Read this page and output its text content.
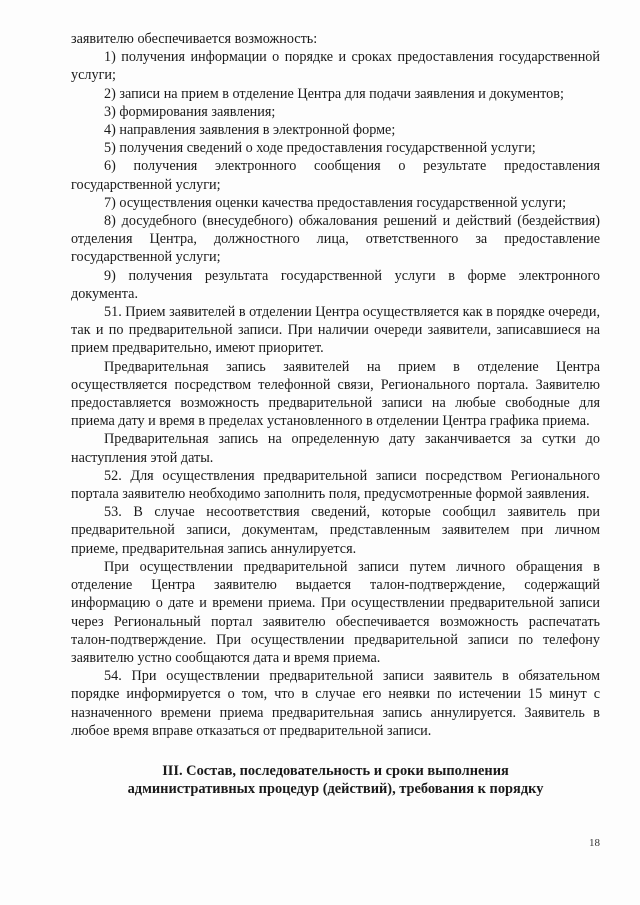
заявителю обеспечивается возможность:

1) получения информации о порядке и сроках предоставления государственной услуги;

2) записи на прием в отделение Центра для подачи заявления и документов;

3) формирования заявления;

4) направления заявления в электронной форме;

5) получения сведений о ходе предоставления государственной услуги;

6) получения электронного сообщения о результате предоставления государственной услуги;

7) осуществления оценки качества предоставления государственной услуги;

8) досудебного (внесудебного) обжалования решений и действий (бездействия) отделения Центра, должностного лица, ответственного за предоставление государственной услуги;

9) получения результата государственной услуги в форме электронного документа.

51. Прием заявителей в отделении Центра осуществляется как в порядке очереди, так и по предварительной записи. При наличии очереди заявители, записавшиеся на прием предварительно, имеют приоритет.

Предварительная запись заявителей на прием в отделение Центра осуществляется посредством телефонной связи, Регионального портала. Заявителю предоставляется возможность предварительной записи на любые свободные для приема дату и время в пределах установленного в отделении Центра графика приема.

Предварительная запись на определенную дату заканчивается за сутки до наступления этой даты.

52. Для осуществления предварительной записи посредством Регионального портала заявителю необходимо заполнить поля, предусмотренные формой заявления.

53. В случае несоответствия сведений, которые сообщил заявитель при предварительной записи, документам, представленным заявителем при личном приеме, предварительная запись аннулируется.

При осуществлении предварительной записи путем личного обращения в отделение Центра заявителю выдается талон-подтверждение, содержащий информацию о дате и времени приема. При осуществлении предварительной записи через Региональный портал заявителю обеспечивается возможность распечатать талон-подтверждение. При осуществлении предварительной записи по телефону заявителю устно сообщаются дата и время приема.

54. При осуществлении предварительной записи заявитель в обязательном порядке информируется о том, что в случае его неявки по истечении 15 минут с назначенного времени приема предварительная запись аннулируется. Заявитель в любое время вправе отказаться от предварительной записи.

III. Состав, последовательность и сроки выполнения

административных процедур (действий), требования к порядку

18
